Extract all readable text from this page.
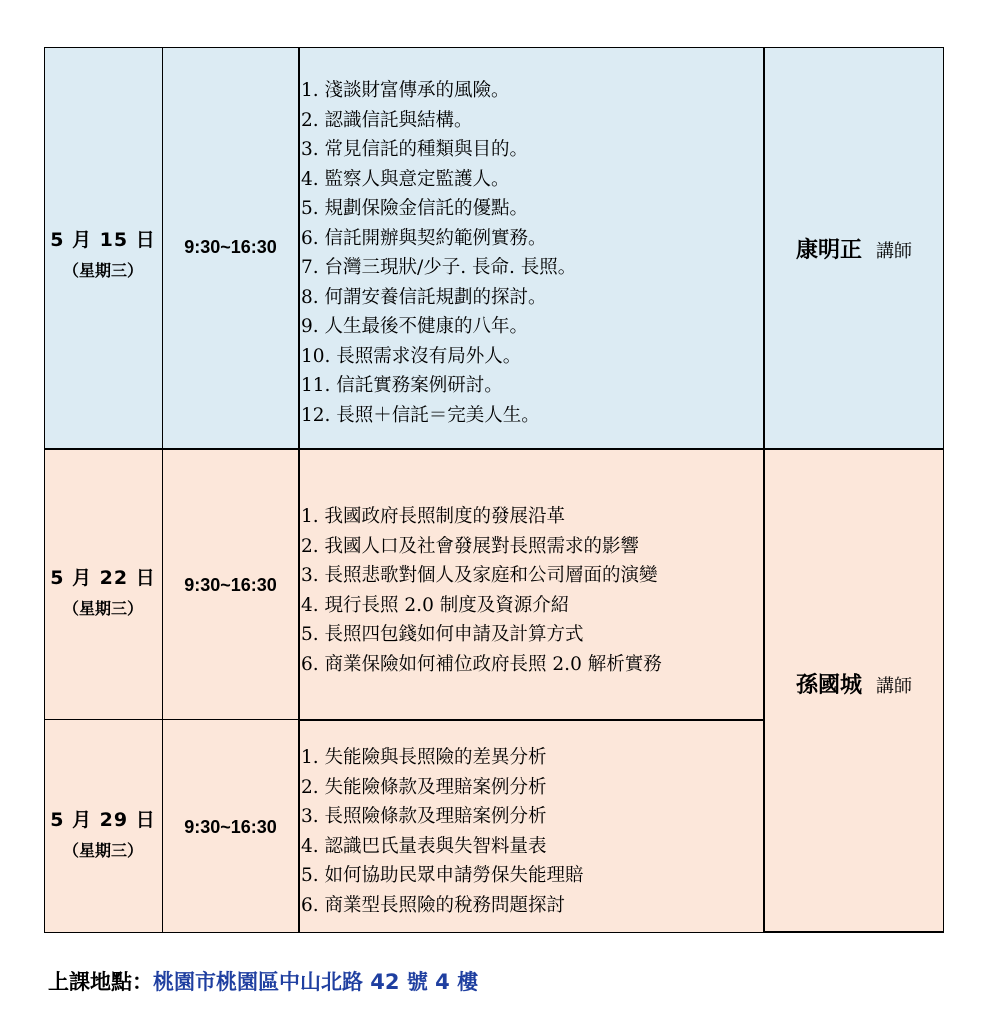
5 月 15 日
（星期三）
9:30~16:30
1. 淺談財富傳承的風險。
2. 認識信託與結構。
3. 常見信託的種類與目的。
4. 監察人與意定監護人。
5. 規劃保險金信託的優點。
6. 信託開辦與契約範例實務。
7. 台灣三現狀/少子. 長命. 長照。
8. 何謂安養信託規劃的探討。
9. 人生最後不健康的八年。
10. 長照需求沒有局外人。
11. 信託實務案例研討。
12. 長照＋信託＝完美人生。
康明正 講師
5 月 22 日
（星期三）
9:30~16:30
1. 我國政府長照制度的發展沿革
2. 我國人口及社會發展對長照需求的影響
3. 長照悲歌對個人及家庭和公司層面的演變
4. 現行長照 2.0 制度及資源介紹
5. 長照四包錢如何申請及計算方式
6. 商業保險如何補位政府長照 2.0 解析實務
5 月 29 日
（星期三）
9:30~16:30
1. 失能險與長照險的差異分析
2. 失能險條款及理賠案例分析
3. 長照險條款及理賠案例分析
4. 認識巴氏量表與失智料量表
5. 如何協助民眾申請勞保失能理賠
6. 商業型長照險的稅務問題探討
孫國城 講師
上課地點：桃園市桃園區中山北路 42 號 4 樓
